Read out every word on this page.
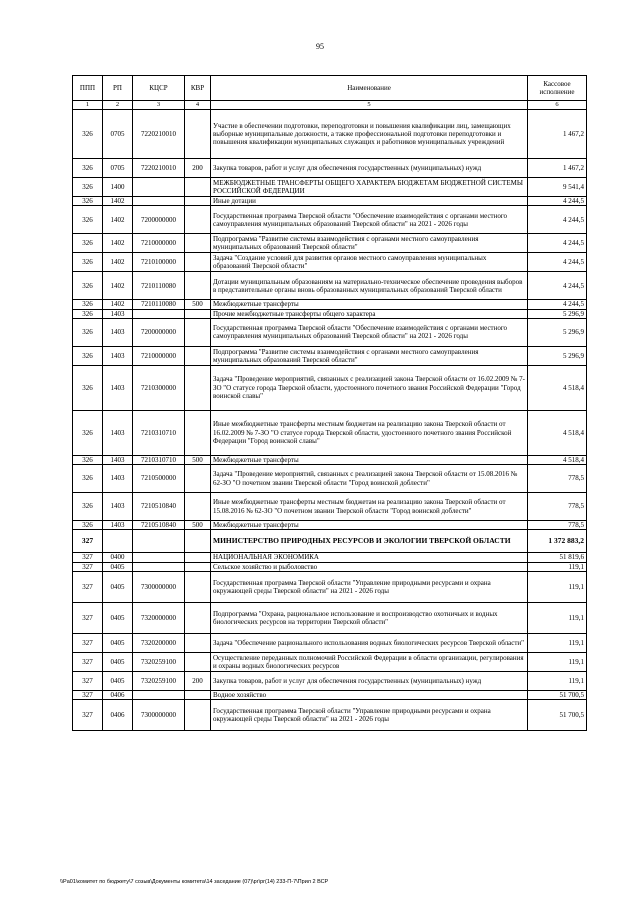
95
ППП	РП	КЦСР	КВР	Наименование	Кассовое исполнение
1	2	3	4	5	6
326	0705	7220210010		Участие в обеспечении подготовки, переподготовки и повышения квалификации лиц, замещающих выборные муниципальные должности, а также профессиональной подготовки переподготовки и повышения квалификации муниципальных служащих и работников муниципальных учреждений	1 467,2
326	0705	7220210010	200	Закупка товаров, работ и услуг для обеспечения государственных (муниципальных) нужд	1 467,2
326	1400			МЕЖБЮДЖЕТНЫЕ ТРАНСФЕРТЫ ОБЩЕГО ХАРАКТЕРА БЮДЖЕТАМ БЮДЖЕТНОЙ СИСТЕМЫ РОССИЙСКОЙ ФЕДЕРАЦИИ	9 541,4
326	1402			Иные дотации	4 244,5
326	1402	7200000000		Государственная программа Тверской области "Обеспечение взаимодействия с органами местного самоуправления муниципальных образований Тверской области" на 2021 - 2026 годы	4 244,5
326	1402	7210000000		Подпрограмма "Развитие системы взаимодействия с органами местного самоуправления муниципальных образований Тверской области"	4 244,5
326	1402	7210100000		Задача "Создание условий для развития органов местного самоуправления муниципальных образований Тверской области"	4 244,5
326	1402	7210110080		Дотации муниципальным образованиям на материально-техническое обеспечение проведения выборов в представительные органы вновь образованных муниципальных образований Тверской области	4 244,5
326	1402	7210110080	500	Межбюджетные трансферты	4 244,5
326	1403			Прочие межбюджетные трансферты общего характера	5 296,9
326	1403	7200000000		Государственная программа Тверской области "Обеспечение взаимодействия с органами местного самоуправления муниципальных образований Тверской области" на 2021 - 2026 годы	5 296,9
326	1403	7210000000		Подпрограмма "Развитие системы взаимодействия с органами местного самоуправления муниципальных образований Тверской области"	5 296,9
326	1403	7210300000		Задача "Проведение мероприятий, связанных с реализацией закона Тверской области от 16.02.2009 № 7-ЗО "О статусе города Тверской области, удостоенного почетного звания Российской Федерации "Город воинской славы"	4 518,4
326	1403	7210310710		Иные межбюджетные трансферты местным бюджетам на реализацию закона Тверской области от 16.02.2009 № 7-ЗО "О статусе города Тверской области, удостоенного почетного звания Российской Федерации "Город воинской славы"	4 518,4
326	1403	7210310710	500	Межбюджетные трансферты	4 518,4
326	1403	7210500000		Задача "Проведение мероприятий, связанных с реализацией закона Тверской области от 15.08.2016 № 62-ЗО "О почетном звании Тверской области "Город воинской доблести"	778,5
326	1403	7210510840		Иные межбюджетные трансферты местным бюджетам на реализацию закона Тверской области от 15.08.2016 № 62-ЗО "О почетном звании Тверской области "Город воинской доблести"	778,5
326	1403	7210510840	500	Межбюджетные трансферты	778,5
327				МИНИСТЕРСТВО ПРИРОДНЫХ РЕСУРСОВ И ЭКОЛОГИИ ТВЕРСКОЙ ОБЛАСТИ	1 372 883,2
327	0400			НАЦИОНАЛЬНАЯ ЭКОНОМИКА	51 819,6
327	0405			Сельское хозяйство и рыболовство	119,1
327	0405	7300000000		Государственная программа Тверской области "Управление природными ресурсами и охрана окружающей среды Тверской области" на 2021 - 2026 годы	119,1
327	0405	7320000000		Подпрограмма "Охрана, рациональное использование и воспроизводство охотничьих и водных биологических ресурсов на территории Тверской области"	119,1
327	0405	7320200000		Задача "Обеспечение рационального использования водных биологических ресурсов Тверской области"	119,1
327	0405	7320259100		Осуществление переданных полномочий Российской Федерации в области организации, регулирования и охраны водных биологических ресурсов	119,1
327	0405	7320259100	200	Закупка товаров, работ и услуг для обеспечения государственных (муниципальных) нужд	119,1
327	0406			Водное хозяйство	51 700,5
327	0406	7300000000		Государственная программа Тверской области "Управление природными ресурсами и охрана окружающей среды Тверской области" на 2021 - 2026 годы	51 700,5
\\Pa01\комитет по бюджету\7 созыв\Документы комитета\14 заседание (07)\pr\pr(14) 233-П-7\Прил 2 ВСР
